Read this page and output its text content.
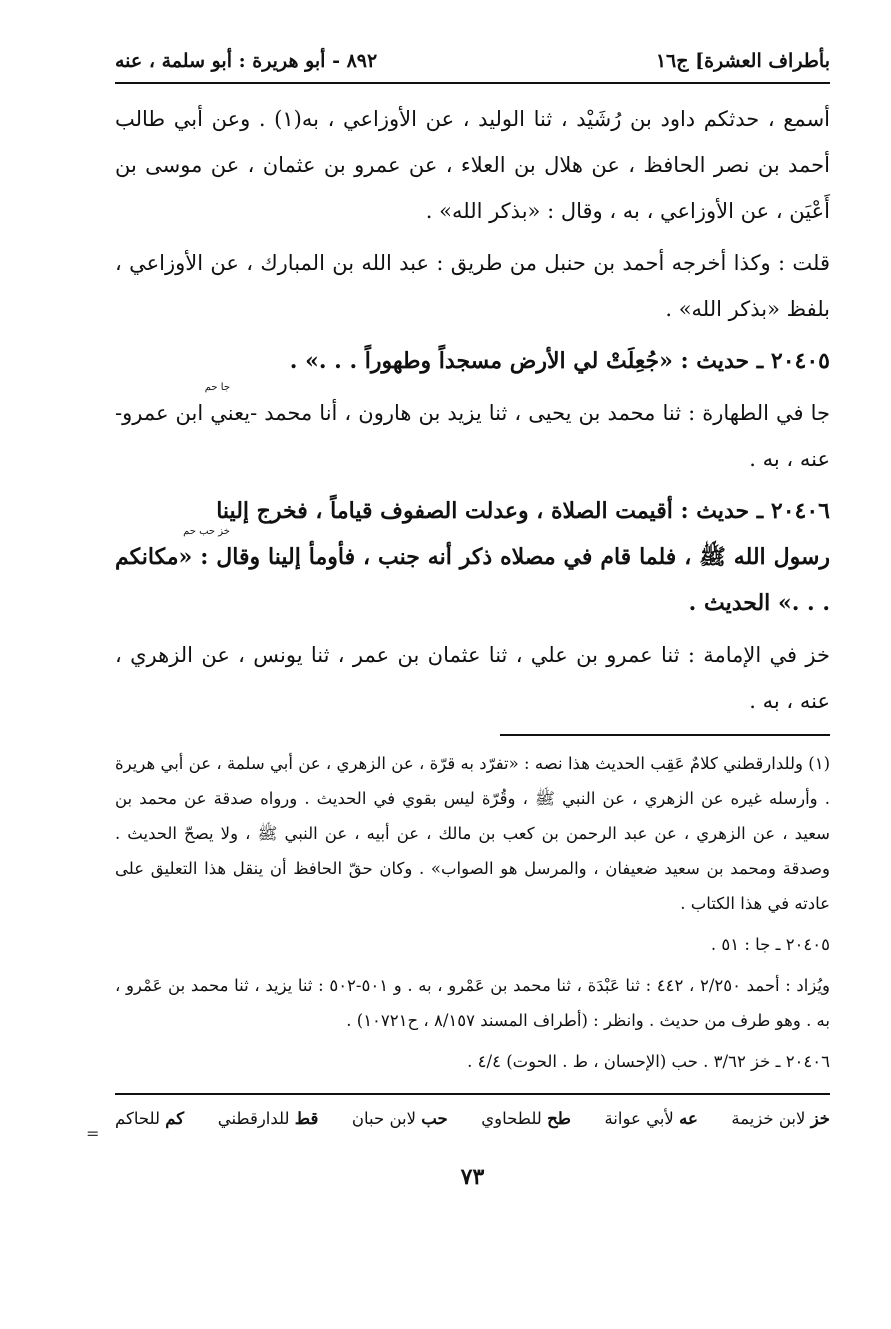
بأطراف العشرة] ج١٦
٨٩٢ - أبو هريرة : أبو سلمة ، عنه

أسمع ، حدثكم داود بن رُشَيْد ، ثنا الوليد ، عن الأوزاعي ، به(١) . وعن أبي طالب أحمد بن نصر الحافظ ، عن هلال بن العلاء ، عن عمرو بن عثمان ، عن موسى بن أَعْيَن ، عن الأوزاعي ، به ، وقال : «بذكر الله» .

قلت : وكذا أخرجه أحمد بن حنبل من طريق : عبد الله بن المبارك ، عن الأوزاعي ، بلفظ «بذكر الله» .

٢٠٤٠٥ ـ حديث : «جُعِلَتْ لي الأرض مسجداً وطهوراً . . .» .

جا حم

جا في الطهارة : ثنا محمد بن يحيى ، ثنا يزيد بن هارون ، أنا محمد -يعني ابن عمرو- عنه ، به .

٢٠٤٠٦ ـ حديث : أقيمت الصلاة ، وعدلت الصفوف قياماً ، فخرج إلينا

خز حب حم

رسول الله ﷺ ، فلما قام في مصلاه ذكر أنه جنب ، فأومأ إلينا وقال : «مكانكم . . .» الحديث .

خز في الإمامة : ثنا عمرو بن علي ، ثنا عثمان بن عمر ، ثنا يونس ، عن الزهري ، عنه ، به .

(١) وللدارقطني كلامٌ عَقِب الحديث هذا نصه : «تفرّد به قرّة ، عن الزهري ، عن أبي سلمة ، عن أبي هريرة . وأرسله غيره عن الزهري ، عن النبي ﷺ ، وقُرّة ليس بقوي في الحديث . ورواه صدقة عن محمد بن سعيد ، عن الزهري ، عن عبد الرحمن بن كعب بن مالك ، عن أبيه ، عن النبي ﷺ ، ولا يصحّ الحديث . وصدقة ومحمد بن سعيد ضعيفان ، والمرسل هو الصواب» . وكان حقّ الحافظ أن ينقل هذا التعليق على عادته في هذا الكتاب .

٢٠٤٠٥ ـ جا : ٥١ .

ويُزاد : أحمد ٢/٢٥٠ ، ٤٤٢ : ثنا عَبْدَة ، ثنا محمد بن عَمْرو ، به . و ٥٠١-٥٠٢ : ثنا يزيد ، ثنا محمد بن عَمْرو ، به . وهو طرف من حديث . وانظر : (أطراف المسند ٨/١٥٧ ، ح١٠٧٢١) .

٢٠٤٠٦ ـ خز ٣/٦٢ . حب (الإحسان ، ط . الحوت) ٤/٤ .

خز لابن خزيمة
عه لأبي عوانة
طح للطحاوي
حب لابن حبان
قط للدارقطني
كم للحاكم
٧٣
=
